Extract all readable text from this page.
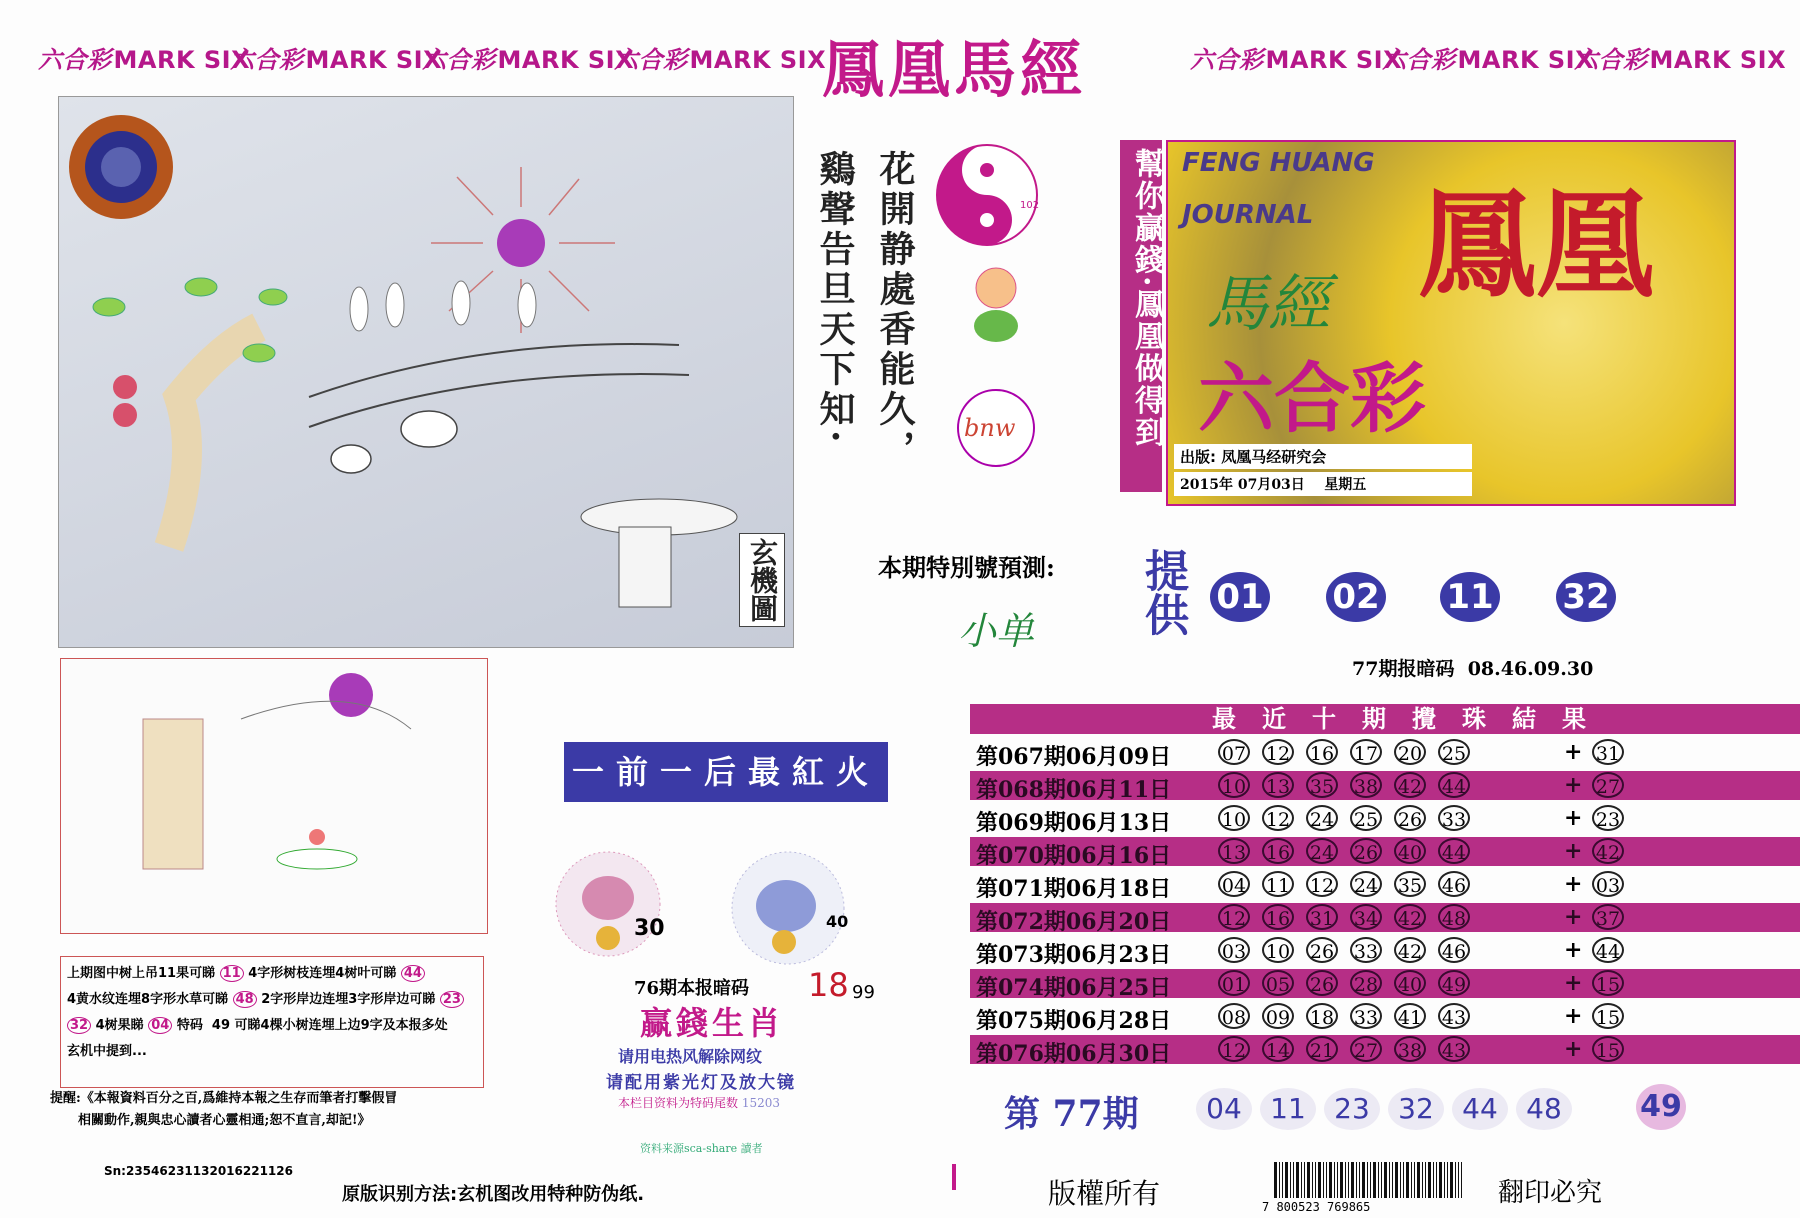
六合彩MARK SIX
六合彩MARK SIX
六合彩MARK SIX
六合彩MARK SIX
鳳凰馬經	六合彩MARK SIX
六合彩MARK SIX
六合彩MARK SIX
玄機圖
花開静處香能久，
鷄聲告旦天下知·	102
bnw	幫你贏錢·鳳凰做得到 FENG HUANG
JOURNAL 鳳凰
馬經
六合彩
出版: 凤凰马经研究会
2015年 07月03日 星期五
本期特別號預測:
小单 提供 01 02 11 32
77期报暗码 08.46.09.30
最近十期攪珠結果
第067期06月09日	07 12 16 17 20 25	+ 31
第068期06月11日	10 13 35 38 42 44	+ 27
第069期06月13日	10 12 24 25 26 33	+ 23
第070期06月16日	13 16 24 26 40 44	+ 42
第071期06月18日	04 11 12 24 35 46	+ 03
第072期06月20日	12 16 31 34 42 48	+ 37
第073期06月23日	03 10 26 33 42 46	+ 44
第074期06月25日	01 05 26 28 40 49	+ 15
第075期06月28日	08 09 18 33 41 43	+ 15
第076期06月30日	12 14 21 27 38 43	+ 15
第 77期	04	11	23	32	44	48	49
上期图中树上吊11果可睇 11 4字形树枝连埋4树叶可睇 44
4黄水纹连埋8字形水草可睇 48 2字形岸边连埋3字形岸边可睇 23
32 4树果睇 04 特码 49 可睇4棵小树连埋上边9字及本报多处
玄机中提到...
提醒:《本報資料百分之百,爲維持本報之生存而筆者打擊假冒
相關動作,親與忠心讀者心靈相通;恕不直言,却記!》
一前一后最紅火
30	40
18 99
76期本报暗码
赢錢生肖
请用电热风解除网纹
请配用紫光灯及放大镜
本栏目资料为特码尾数 15203
资料来源sca-share 讀者
Sn:23546231132016221126
原版识别方法:玄机图改用特种防伪纸.	版權所有	7 800523 769865	翻印必究
